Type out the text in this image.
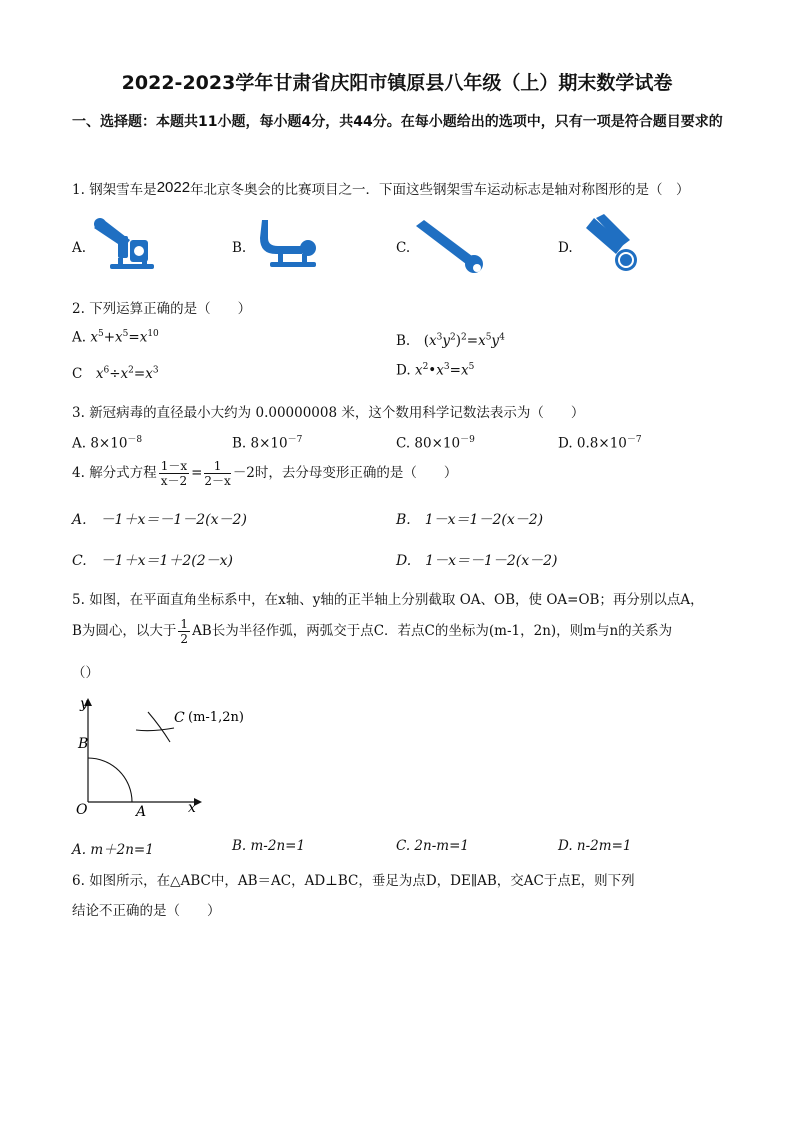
2022-2023学年甘肃省庆阳市镇原县八年级（上）期末数学试卷
一、选择题：本题共11小题，每小题4分，共44分。在每小题给出的选项中，只有一项是符合题目要求的
1. 钢架雪车是2022年北京冬奥会的比赛项目之一．下面这些钢架雪车运动标志是轴对称图形的是（　）
A.	B.	C.	D.
2. 下列运算正确的是（　　）
A. $x^5+x^5=x^{10}$	B.　$(x^3y^2)^2=x^5y^4$
C　 $x^6\div x^2=x^3$	D. $x^2•x^3=x^5$
3. 新冠病毒的直径最小大约为 0.00000008 米，这个数用科学记数法表示为（　　）
A. $8\times 10^{-8}$	B. $8\times 10^{-7}$	C. $80\times 10^{-9}$	D. $0.8\times 10^{-7}$
4. 解分式方程 $\frac{1-x}{x-2} = \frac{1}{2-x} -2$时，去分母变形正确的是（　　）
A.　－1＋x＝－1－2(x－2)	B.　1－x＝1－2(x－2)
C.　－1＋x＝1＋2(2－x)	D.　1－x＝－1－2(x－2)
5. 如图，在平面直角坐标系中，在x轴、y轴的正半轴上分别截取 OA、OB，使 OA=OB；再分别以点A，
B为圆心，以大于 $\frac{1}{2}$ AB长为半径作弧，两弧交于点C．若点C的坐标为(m-1，2n)，则m与n的关系为
（）
y
x
B
O	A
C (m-1,2n)
A. m＋2n=1	B. m-2n=1	C. 2n-m=1	D. n-2m=1
6. 如图所示，在△ABC中，AB＝AC，AD⊥BC，垂足为点D，DE∥AB，交AC于点E，则下列
结论不正确的是（　　）
